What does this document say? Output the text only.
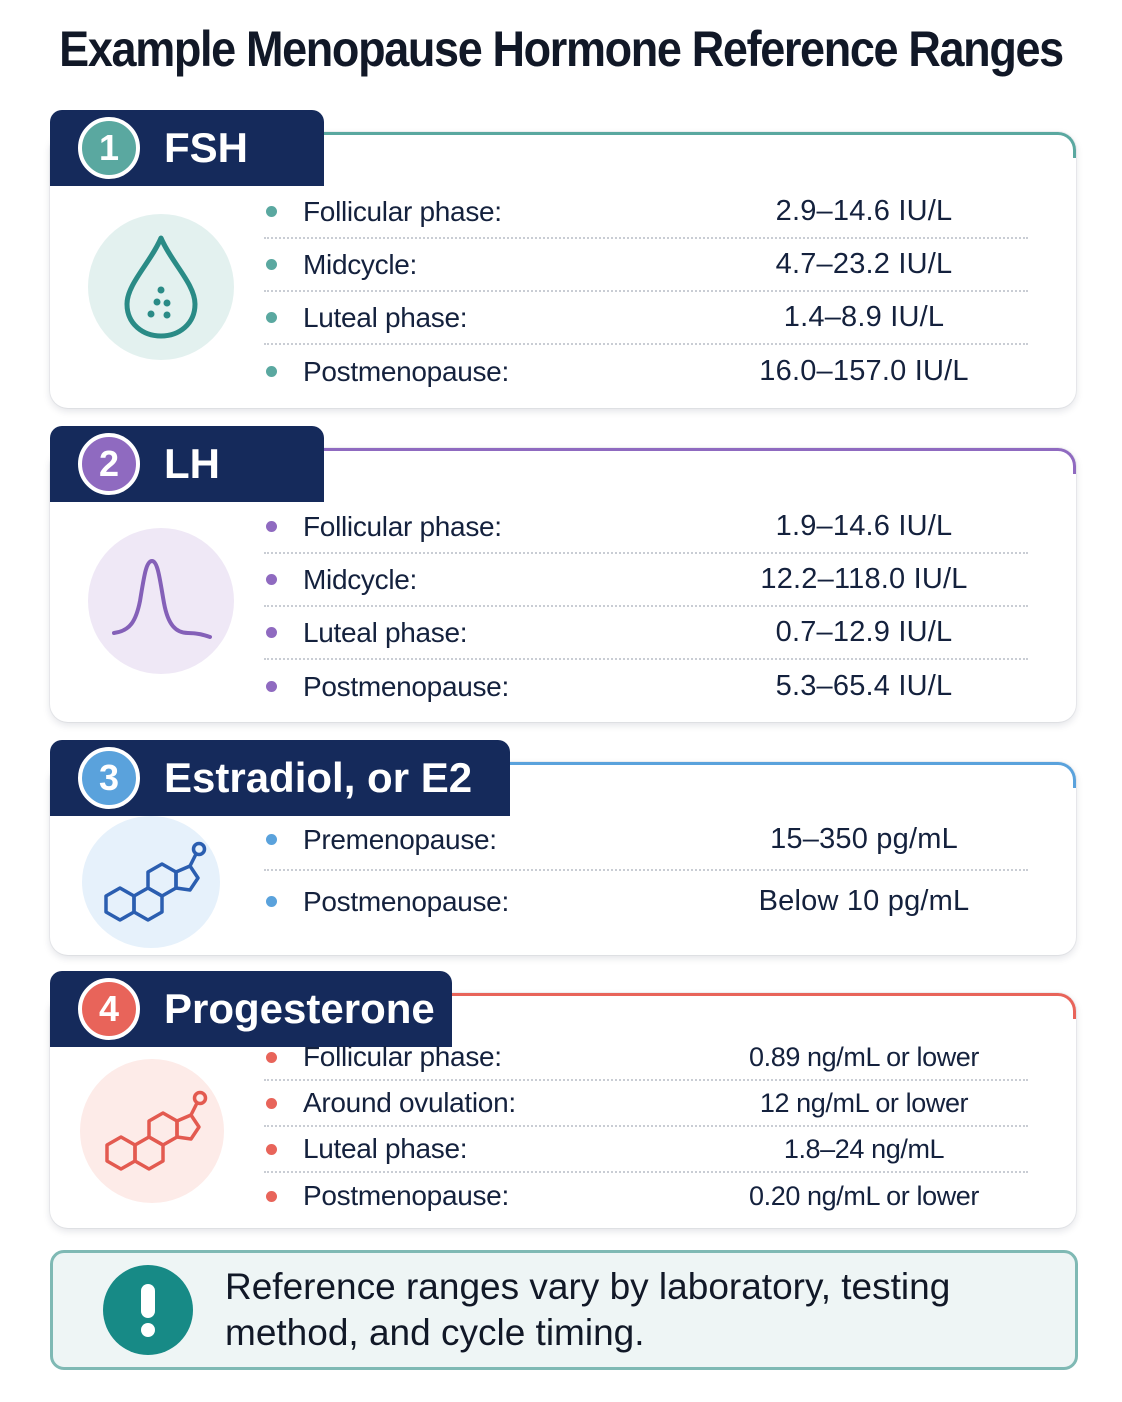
Example Menopause Hormone Reference Ranges
1	FSH
Follicular phase:	2.9–14.6 IU/L
Midcycle:	4.7–23.2 IU/L
Luteal phase:	1.4–8.9 IU/L
Postmenopause:	16.0–157.0 IU/L
2	LH
Follicular phase:	1.9–14.6 IU/L
Midcycle:	12.2–118.0 IU/L
Luteal phase:	0.7–12.9 IU/L
Postmenopause:	5.3–65.4 IU/L
3	Estradiol, or E2
Premenopause:	15–350 pg/mL
Postmenopause:	Below 10 pg/mL
4	Progesterone
Follicular phase:	0.89 ng/mL or lower
Around ovulation:	12 ng/mL or lower
Luteal phase:	1.8–24 ng/mL
Postmenopause:	0.20 ng/mL or lower
Reference ranges vary by laboratory, testing method, and cycle timing.
